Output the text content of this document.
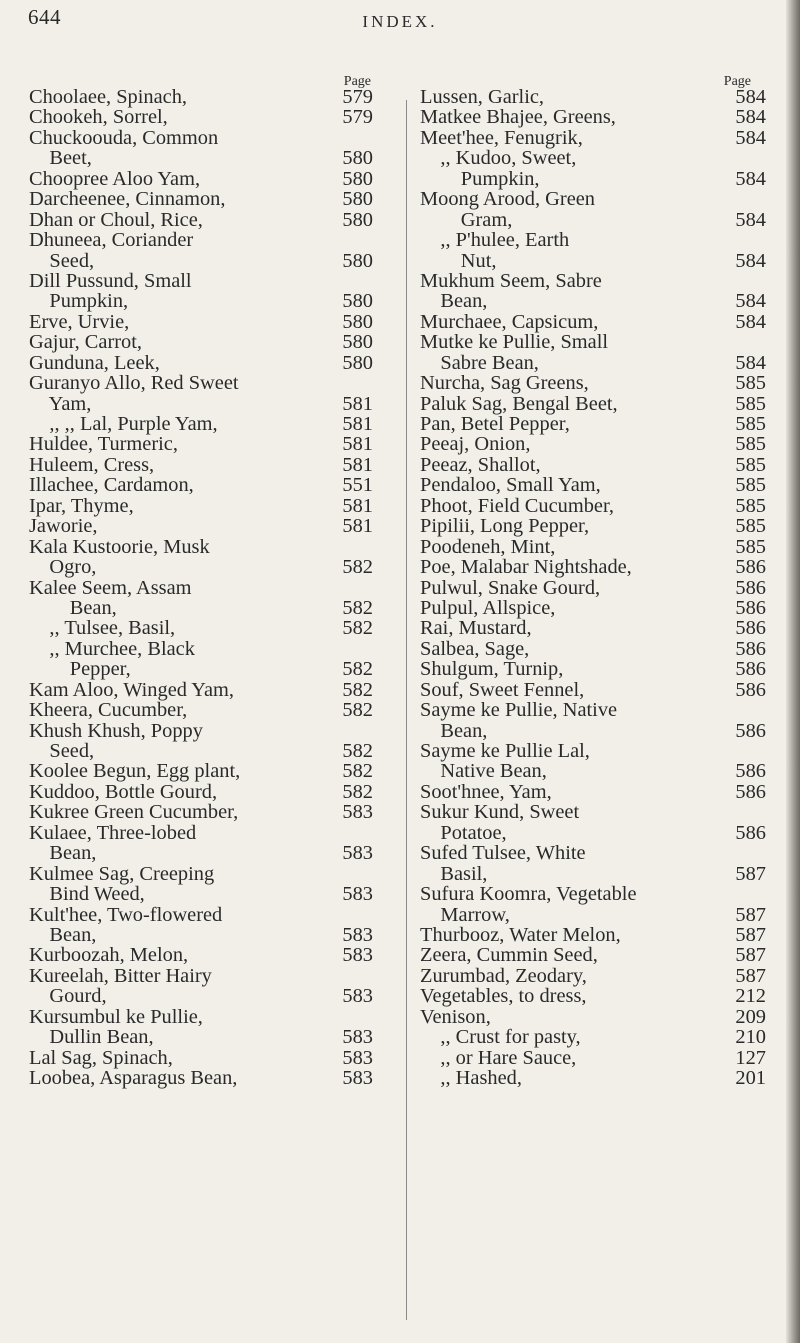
644	INDEX.
Page
Choolaee, Spinach,	579
Chookeh, Sorrel,	579
Chuckoouda, Common
Beet,	580
Choopree Aloo Yam,	580
Darcheenee, Cinnamon,	580
Dhan or Choul, Rice,	580
Dhuneea, Coriander
Seed,	580
Dill Pussund, Small
Pumpkin,	580
Erve, Urvie,	580
Gajur, Carrot,	580
Gunduna, Leek,	580
Guranyo Allo, Red Sweet
Yam,	581
,, ,, Lal, Purple Yam,	581
Huldee, Turmeric,	581
Huleem, Cress,	581
Illachee, Cardamon,	551
Ipar, Thyme,	581
Jaworie,	581
Kala Kustoorie, Musk
Ogro,	582
Kalee Seem, Assam
Bean,	582
,, Tulsee, Basil,	582
,, Murchee, Black
Pepper,	582
Kam Aloo, Winged Yam,	582
Kheera, Cucumber,	582
Khush Khush, Poppy
Seed,	582
Koolee Begun, Egg plant,	582
Kuddoo, Bottle Gourd,	582
Kukree Green Cucumber,	583
Kulaee, Three-lobed
Bean,	583
Kulmee Sag, Creeping
Bind Weed,	583
Kult'hee, Two-flowered
Bean,	583
Kurboozah, Melon,	583
Kureelah, Bitter Hairy
Gourd,	583
Kursumbul ke Pullie,
Dullin Bean,	583
Lal Sag, Spinach,	583
Loobea, Asparagus Bean,	583
Page
Lussen, Garlic,	584
Matkee Bhajee, Greens,	584
Meet'hee, Fenugrik,	584
,, Kudoo, Sweet,
Pumpkin,	584
Moong Arood, Green
Gram,	584
,, P'hulee, Earth
Nut,	584
Mukhum Seem, Sabre
Bean,	584
Murchaee, Capsicum,	584
Mutke ke Pullie, Small
Sabre Bean,	584
Nurcha, Sag Greens,	585
Paluk Sag, Bengal Beet,	585
Pan, Betel Pepper,	585
Peeaj, Onion,	585
Peeaz, Shallot,	585
Pendaloo, Small Yam,	585
Phoot, Field Cucumber,	585
Pipilii, Long Pepper,	585
Poodeneh, Mint,	585
Poe, Malabar Nightshade,	586
Pulwul, Snake Gourd,	586
Pulpul, Allspice,	586
Rai, Mustard,	586
Salbea, Sage,	586
Shulgum, Turnip,	586
Souf, Sweet Fennel,	586
Sayme ke Pullie, Native
Bean,	586
Sayme ke Pullie Lal,
Native Bean,	586
Soot'hnee, Yam,	586
Sukur Kund, Sweet
Potatoe,	586
Sufed Tulsee, White
Basil,	587
Sufura Koomra, Vegetable
Marrow,	587
Thurbooz, Water Melon,	587
Zeera, Cummin Seed,	587
Zurumbad, Zeodary,	587
Vegetables, to dress,	212
Venison,	209
,, Crust for pasty,	210
,, or Hare Sauce,	127
,, Hashed,	201
